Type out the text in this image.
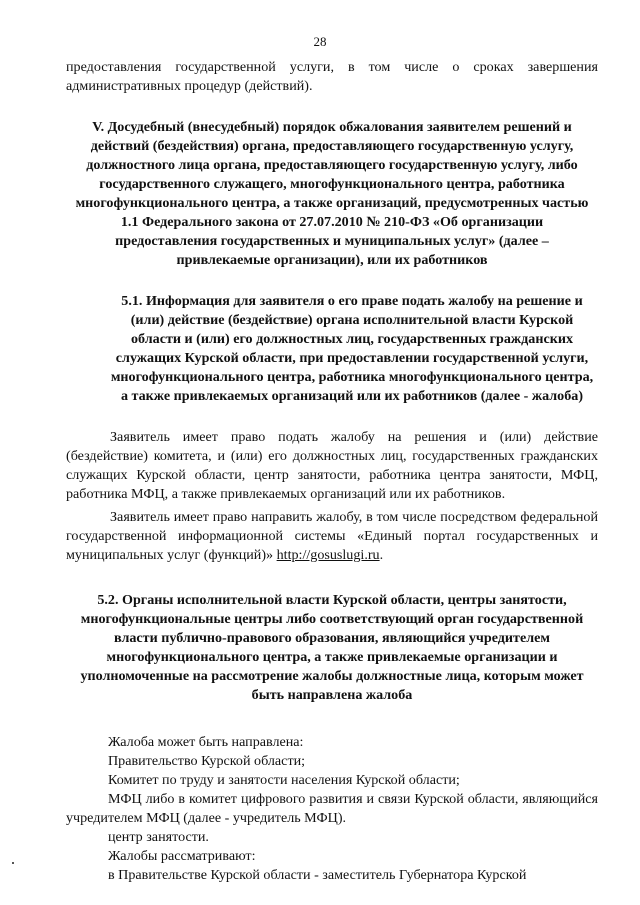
28

предоставления государственной услуги, в том числе о сроках завершения административных процедур (действий).

V. Досудебный (внесудебный) порядок обжалования заявителем решений и действий (бездействия) органа, предоставляющего государственную услугу, должностного лица органа, предоставляющего государственную услугу, либо государственного служащего, многофункционального центра, работника многофункционального центра, а также организаций, предусмотренных частью 1.1 Федерального закона от 27.07.2010 № 210-ФЗ «Об организации предоставления государственных и муниципальных услуг» (далее – привлекаемые организации), или их работников

5.1. Информация для заявителя о его праве подать жалобу на решение и (или) действие (бездействие) органа исполнительной власти Курской области и (или) его должностных лиц, государственных гражданских служащих Курской области, при предоставлении государственной услуги, многофункционального центра, работника многофункционального центра, а также привлекаемых организаций или их работников (далее - жалоба)

Заявитель имеет право подать жалобу на решения и (или) действие (бездействие) комитета, и (или) его должностных лиц, государственных гражданских служащих Курской области, центр занятости, работника центра занятости, МФЦ, работника МФЦ, а также привлекаемых организаций или их работников.

Заявитель имеет право направить жалобу, в том числе посредством федеральной государственной информационной системы «Единый портал государственных и муниципальных услуг (функций)» http://gosuslugi.ru.

5.2. Органы исполнительной власти Курской области, центры занятости, многофункциональные центры либо соответствующий орган государственной власти публично-правового образования, являющийся учредителем многофункционального центра, а также привлекаемые организации и уполномоченные на рассмотрение жалобы должностные лица, которым может быть направлена жалоба

Жалоба может быть направлена:

Правительство Курской области;

Комитет по труду и занятости населения Курской области;

МФЦ либо в комитет цифрового развития и связи Курской области, являющийся учредителем МФЦ (далее - учредитель МФЦ).

центр занятости.

Жалобы рассматривают:

в Правительстве Курской области - заместитель Губернатора Курской
